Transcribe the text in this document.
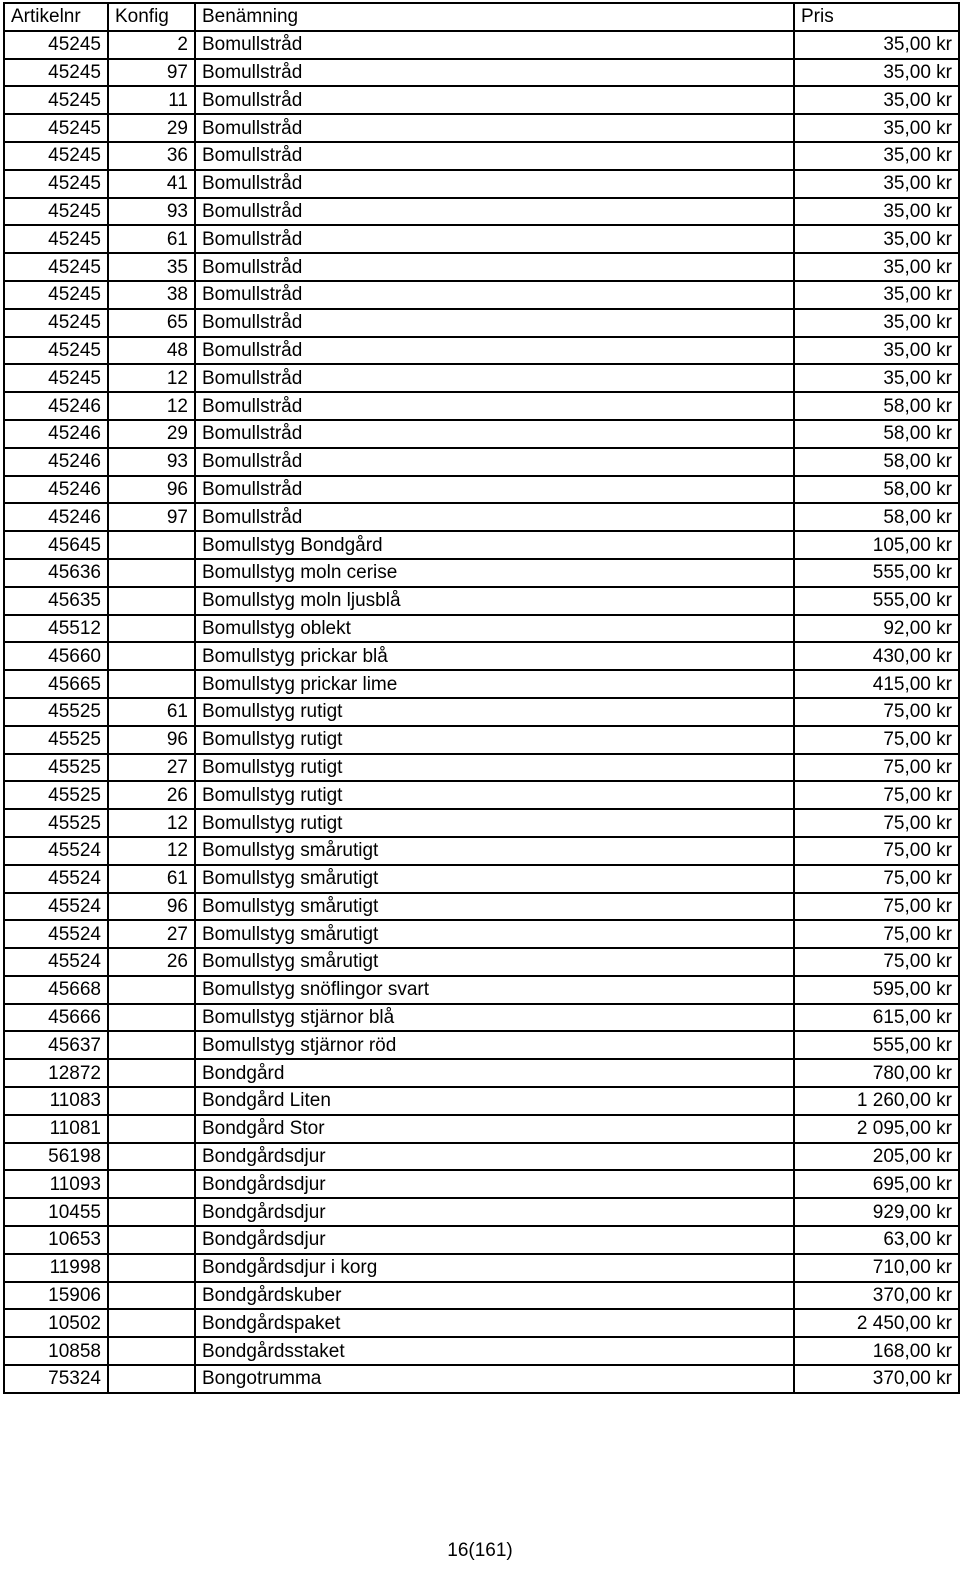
Artikelnr	Konfig	Benämning	Pris
45245	2	Bomullstråd	35,00 kr
45245	97	Bomullstråd	35,00 kr
45245	11	Bomullstråd	35,00 kr
45245	29	Bomullstråd	35,00 kr
45245	36	Bomullstråd	35,00 kr
45245	41	Bomullstråd	35,00 kr
45245	93	Bomullstråd	35,00 kr
45245	61	Bomullstråd	35,00 kr
45245	35	Bomullstråd	35,00 kr
45245	38	Bomullstråd	35,00 kr
45245	65	Bomullstråd	35,00 kr
45245	48	Bomullstråd	35,00 kr
45245	12	Bomullstråd	35,00 kr
45246	12	Bomullstråd	58,00 kr
45246	29	Bomullstråd	58,00 kr
45246	93	Bomullstråd	58,00 kr
45246	96	Bomullstråd	58,00 kr
45246	97	Bomullstråd	58,00 kr
45645		Bomullstyg Bondgård	105,00 kr
45636		Bomullstyg moln cerise	555,00 kr
45635		Bomullstyg moln ljusblå	555,00 kr
45512		Bomullstyg oblekt	92,00 kr
45660		Bomullstyg prickar blå	430,00 kr
45665		Bomullstyg prickar lime	415,00 kr
45525	61	Bomullstyg rutigt	75,00 kr
45525	96	Bomullstyg rutigt	75,00 kr
45525	27	Bomullstyg rutigt	75,00 kr
45525	26	Bomullstyg rutigt	75,00 kr
45525	12	Bomullstyg rutigt	75,00 kr
45524	12	Bomullstyg smårutigt	75,00 kr
45524	61	Bomullstyg smårutigt	75,00 kr
45524	96	Bomullstyg smårutigt	75,00 kr
45524	27	Bomullstyg smårutigt	75,00 kr
45524	26	Bomullstyg smårutigt	75,00 kr
45668		Bomullstyg snöflingor svart	595,00 kr
45666		Bomullstyg stjärnor blå	615,00 kr
45637		Bomullstyg stjärnor röd	555,00 kr
12872		Bondgård	780,00 kr
11083		Bondgård Liten	1 260,00 kr
11081		Bondgård Stor	2 095,00 kr
56198		Bondgårdsdjur	205,00 kr
11093		Bondgårdsdjur	695,00 kr
10455		Bondgårdsdjur	929,00 kr
10653		Bondgårdsdjur	63,00 kr
11998		Bondgårdsdjur i korg	710,00 kr
15906		Bondgårdskuber	370,00 kr
10502		Bondgårdspaket	2 450,00 kr
10858		Bondgårdsstaket	168,00 kr
75324		Bongotrumma	370,00 kr
16(161)
